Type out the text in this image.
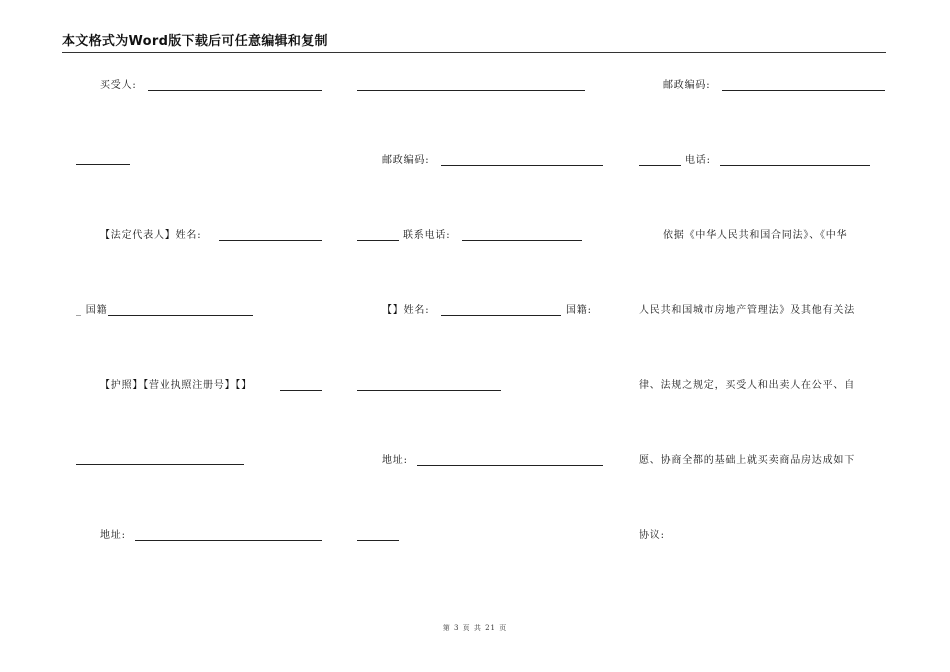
本文格式为Word版下载后可任意编辑和复制
买受人:
【法定代表人】姓名:
_ 国籍
【护照】【营业执照注册号】【】
地址:
邮政编码:
联系电话:
【】姓名:	国籍:
地址:
邮政编码:
电话:
依据《中华人民共和国合同法》、《中华
人民共和国城市房地产管理法》及其他有关法
律、法规之规定，买受人和出卖人在公平、自
愿、协商全都的基础上就买卖商品房达成如下
协议:
第 3 页 共 21 页
